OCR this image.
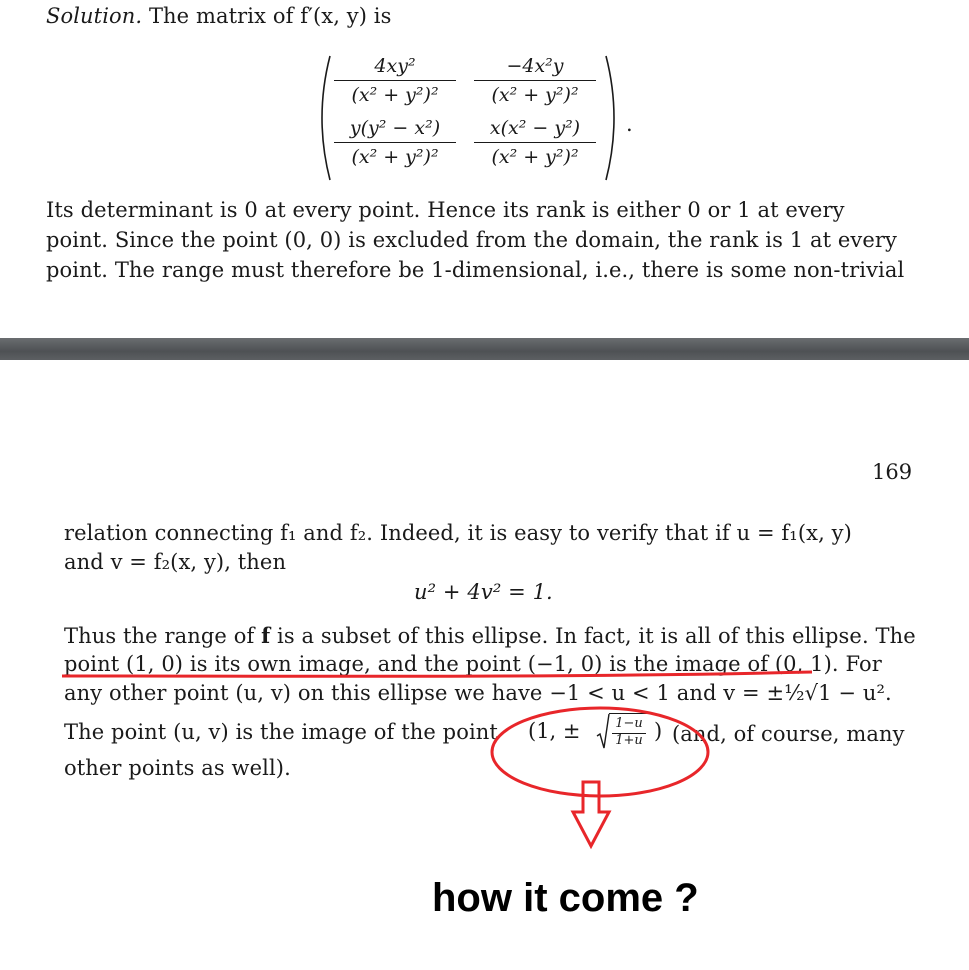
Solution. The matrix of f′(x, y) is
4xy²
(x² + y²)²
−4x²y
(x² + y²)²
y(y² − x²)
(x² + y²)²
x(x² − y²)
(x² + y²)²
.
Its determinant is 0 at every point. Hence its rank is either 0 or 1 at every
point. Since the point (0, 0) is excluded from the domain, the rank is 1 at every
point. The range must therefore be 1-dimensional, i.e., there is some non-trivial
169
relation connecting f₁ and f₂. Indeed, it is easy to verify that if u = f₁(x, y)
and v = f₂(x, y), then
u² + 4v² = 1.
Thus the range of f is a subset of this ellipse. In fact, it is all of this ellipse. The
point (1, 0) is its own image, and the point (−1, 0) is the image of (0, 1). For
any other point (u, v) on this ellipse we have −1 < u < 1 and v = ±½√1 − u².
The point (u, v) is the image of the point (1, ±	1−u
1+u ) (and, of course, many
other points as well).
how it come ?
